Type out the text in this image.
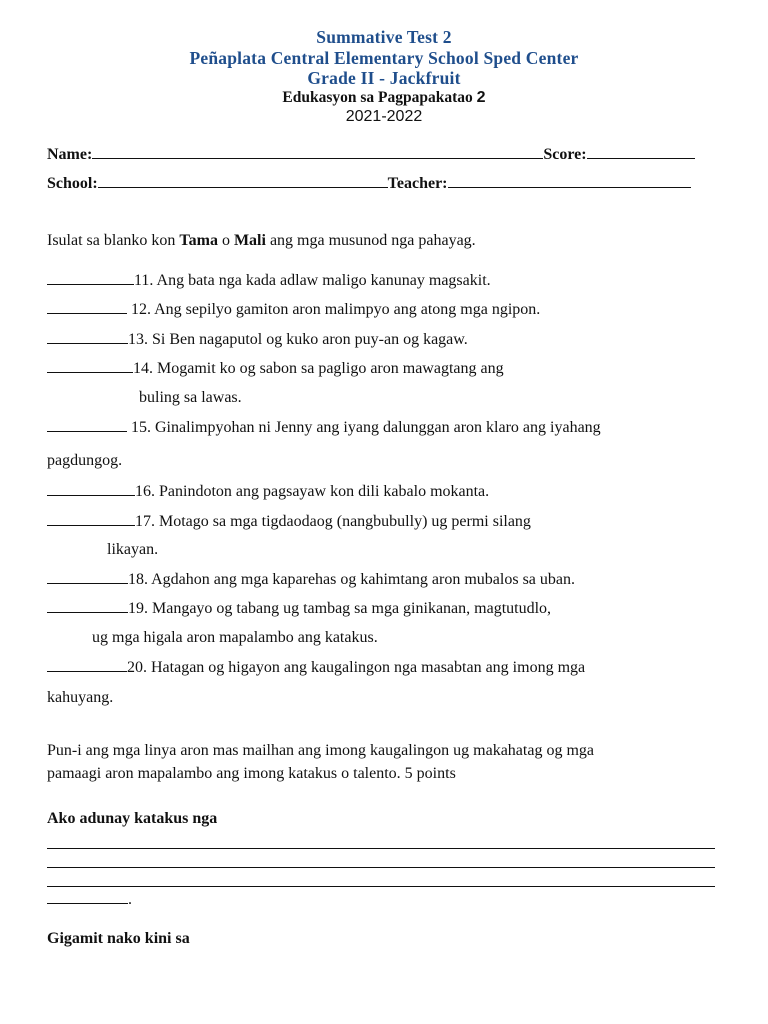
Summative Test 2
Peñaplata Central Elementary School Sped Center
Grade II - Jackfruit
Edukasyon sa Pagpapakatao 2
2021-2022
Name:	Score:
School:	Teacher:
Isulat sa blanko kon Tama o Mali ang mga musunod nga pahayag.
11. Ang bata nga kada adlaw maligo kanunay magsakit.
12. Ang sepilyo gamiton aron malimpyo ang atong mga ngipon.
13. Si Ben nagaputol og kuko aron puy-an og kagaw.
14. Mogamit ko og sabon sa pagligo aron mawagtang ang
buling sa lawas.
15. Ginalimpyohan ni Jenny ang iyang dalunggan aron klaro ang iyahang
pagdungog.
16. Panindoton ang pagsayaw kon dili kabalo mokanta.
17. Motago sa mga tigdaodaog (nangbubully) ug permi silang
likayan.
18. Agdahon ang mga kaparehas og kahimtang aron mubalos sa uban.
19. Mangayo og tabang ug tambag sa mga ginikanan, magtutudlo,
ug mga higala aron mapalambo ang katakus.
20. Hatagan og higayon ang kaugalingon nga masabtan ang imong mga
kahuyang.
Pun-i ang mga linya aron mas mailhan ang imong kaugalingon ug makahatag og mga
pamaagi aron mapalambo ang imong katakus o talento. 5 points
Ako adunay katakus nga
.
Gigamit nako kini sa
